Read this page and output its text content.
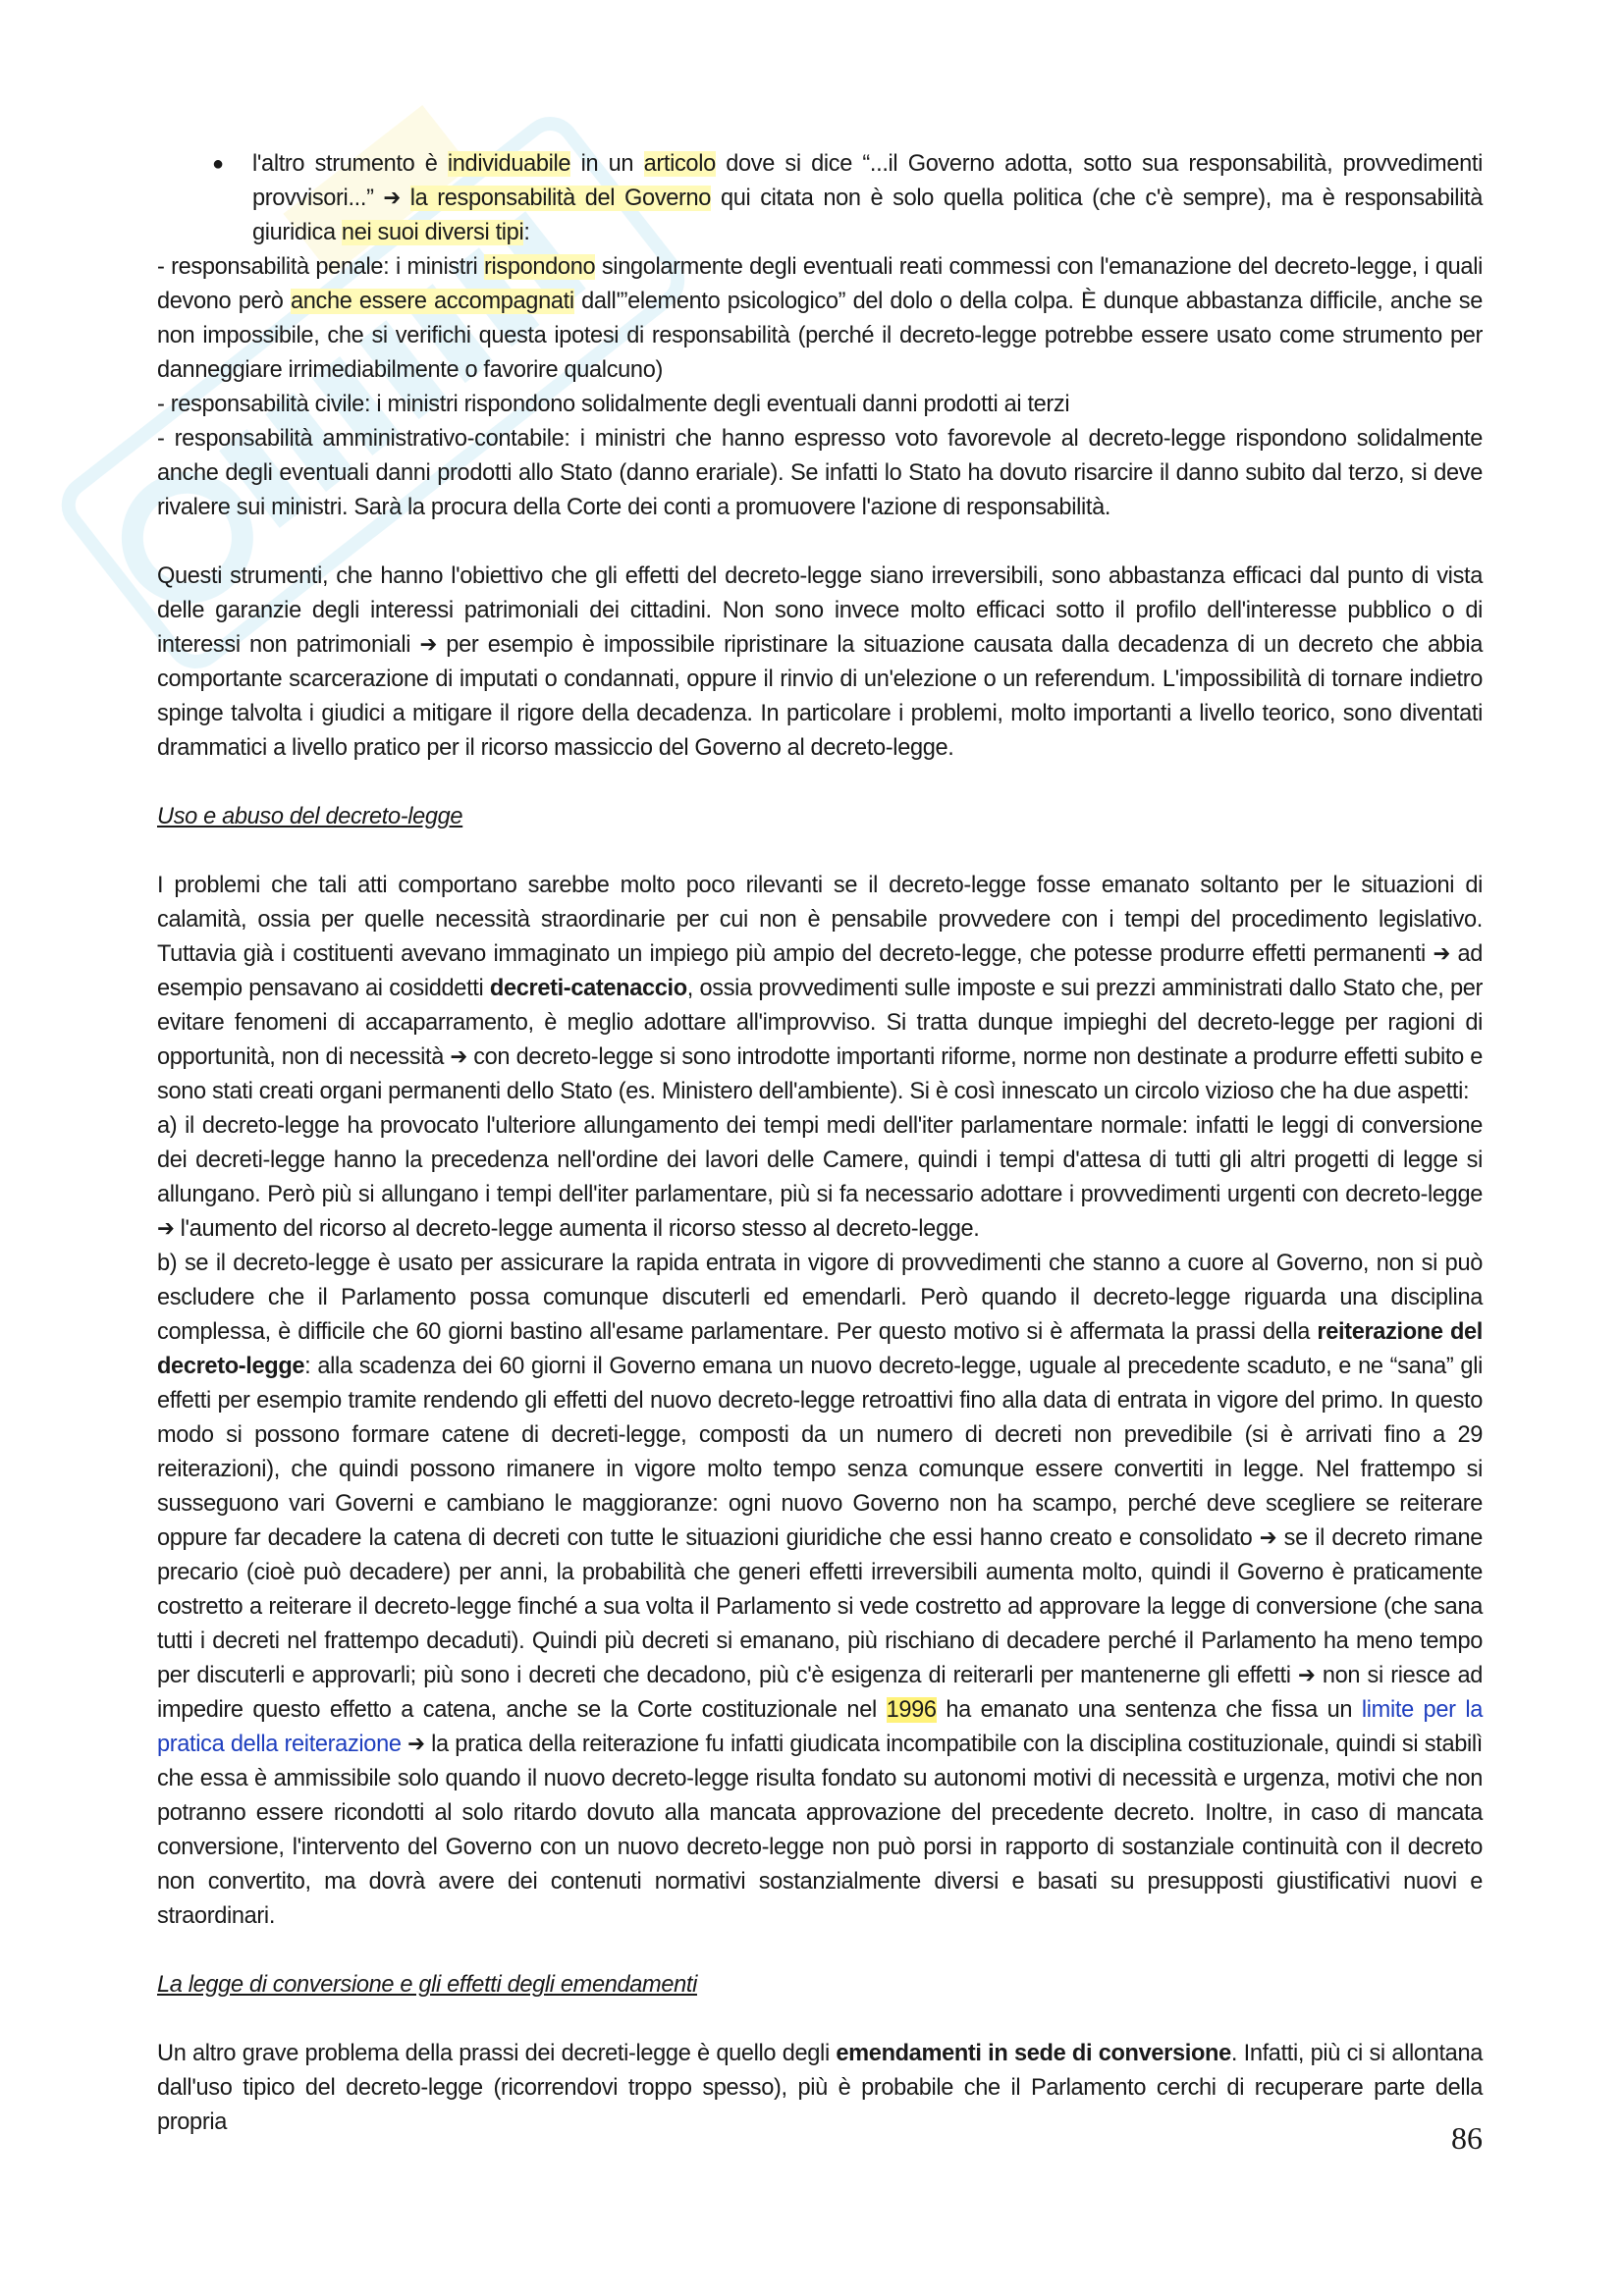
● l'altro strumento è individuabile in un articolo dove si dice “...il Governo adotta, sotto sua responsabilità, provvedimenti provvisori...” ➔ la responsabilità del Governo qui citata non è solo quella politica (che c'è sempre), ma è responsabilità giuridica nei suoi diversi tipi:

- responsabilità penale: i ministri rispondono singolarmente degli eventuali reati commessi con l'emanazione del decreto-legge, i quali devono però anche essere accompagnati dall'”elemento psicologico” del dolo o della colpa. È dunque abbastanza difficile, anche se non impossibile, che si verifichi questa ipotesi di responsabilità (perché il decreto-legge potrebbe essere usato come strumento per danneggiare irrimediabilmente o favorire qualcuno)

- responsabilità civile: i ministri rispondono solidalmente degli eventuali danni prodotti ai terzi

- responsabilità amministrativo-contabile: i ministri che hanno espresso voto favorevole al decreto-legge rispondono solidalmente anche degli eventuali danni prodotti allo Stato (danno erariale). Se infatti lo Stato ha dovuto risarcire il danno subito dal terzo, si deve rivalere sui ministri. Sarà la procura della Corte dei conti a promuovere l'azione di responsabilità.

Questi strumenti, che hanno l'obiettivo che gli effetti del decreto-legge siano irreversibili, sono abbastanza efficaci dal punto di vista delle garanzie degli interessi patrimoniali dei cittadini. Non sono invece molto efficaci sotto il profilo dell'interesse pubblico o di interessi non patrimoniali ➔ per esempio è impossibile ripristinare la situazione causata dalla decadenza di un decreto che abbia comportante scarcerazione di imputati o condannati, oppure il rinvio di un'elezione o un referendum. L'impossibilità di tornare indietro spinge talvolta i giudici a mitigare il rigore della decadenza. In particolare i problemi, molto importanti a livello teorico, sono diventati drammatici a livello pratico per il ricorso massiccio del Governo al decreto-legge.

Uso e abuso del decreto-legge

I problemi che tali atti comportano sarebbe molto poco rilevanti se il decreto-legge fosse emanato soltanto per le situazioni di calamità, ossia per quelle necessità straordinarie per cui non è pensabile provvedere con i tempi del procedimento legislativo. Tuttavia già i costituenti avevano immaginato un impiego più ampio del decreto-legge, che potesse produrre effetti permanenti ➔ ad esempio pensavano ai cosiddetti decreti-catenaccio, ossia provvedimenti sulle imposte e sui prezzi amministrati dallo Stato che, per evitare fenomeni di accaparramento, è meglio adottare all'improvviso. Si tratta dunque impieghi del decreto-legge per ragioni di opportunità, non di necessità ➔ con decreto-legge si sono introdotte importanti riforme, norme non destinate a produrre effetti subito e sono stati creati organi permanenti dello Stato (es. Ministero dell'ambiente). Si è così innescato un circolo vizioso che ha due aspetti:

a) il decreto-legge ha provocato l'ulteriore allungamento dei tempi medi dell'iter parlamentare normale: infatti le leggi di conversione dei decreti-legge hanno la precedenza nell'ordine dei lavori delle Camere, quindi i tempi d'attesa di tutti gli altri progetti di legge si allungano. Però più si allungano i tempi dell'iter parlamentare, più si fa necessario adottare i provvedimenti urgenti con decreto-legge ➔ l'aumento del ricorso al decreto-legge aumenta il ricorso stesso al decreto-legge.

b) se il decreto-legge è usato per assicurare la rapida entrata in vigore di provvedimenti che stanno a cuore al Governo, non si può escludere che il Parlamento possa comunque discuterli ed emendarli. Però quando il decreto-legge riguarda una disciplina complessa, è difficile che 60 giorni bastino all'esame parlamentare. Per questo motivo si è affermata la prassi della reiterazione del decreto-legge: alla scadenza dei 60 giorni il Governo emana un nuovo decreto-legge, uguale al precedente scaduto, e ne “sana” gli effetti per esempio tramite rendendo gli effetti del nuovo decreto-legge retroattivi fino alla data di entrata in vigore del primo. In questo modo si possono formare catene di decreti-legge, composti da un numero di decreti non prevedibile (si è arrivati fino a 29 reiterazioni), che quindi possono rimanere in vigore molto tempo senza comunque essere convertiti in legge. Nel frattempo si susseguono vari Governi e cambiano le maggioranze: ogni nuovo Governo non ha scampo, perché deve scegliere se reiterare oppure far decadere la catena di decreti con tutte le situazioni giuridiche che essi hanno creato e consolidato ➔ se il decreto rimane precario (cioè può decadere) per anni, la probabilità che generi effetti irreversibili aumenta molto, quindi il Governo è praticamente costretto a reiterare il decreto-legge finché a sua volta il Parlamento si vede costretto ad approvare la legge di conversione (che sana tutti i decreti nel frattempo decaduti). Quindi più decreti si emanano, più rischiano di decadere perché il Parlamento ha meno tempo per discuterli e approvarli; più sono i decreti che decadono, più c'è esigenza di reiterarli per mantenerne gli effetti ➔ non si riesce ad impedire questo effetto a catena, anche se la Corte costituzionale nel 1996 ha emanato una sentenza che fissa un limite per la pratica della reiterazione ➔ la pratica della reiterazione fu infatti giudicata incompatibile con la disciplina costituzionale, quindi si stabilì che essa è ammissibile solo quando il nuovo decreto-legge risulta fondato su autonomi motivi di necessità e urgenza, motivi che non potranno essere ricondotti al solo ritardo dovuto alla mancata approvazione del precedente decreto. Inoltre, in caso di mancata conversione, l'intervento del Governo con un nuovo decreto-legge non può porsi in rapporto di sostanziale continuità con il decreto non convertito, ma dovrà avere dei contenuti normativi sostanzialmente diversi e basati su presupposti giustificativi nuovi e straordinari.

La legge di conversione e gli effetti degli emendamenti

Un altro grave problema della prassi dei decreti-legge è quello degli emendamenti in sede di conversione. Infatti, più ci si allontana dall'uso tipico del decreto-legge (ricorrendovi troppo spesso), più è probabile che il Parlamento cerchi di recuperare parte della propria	86
